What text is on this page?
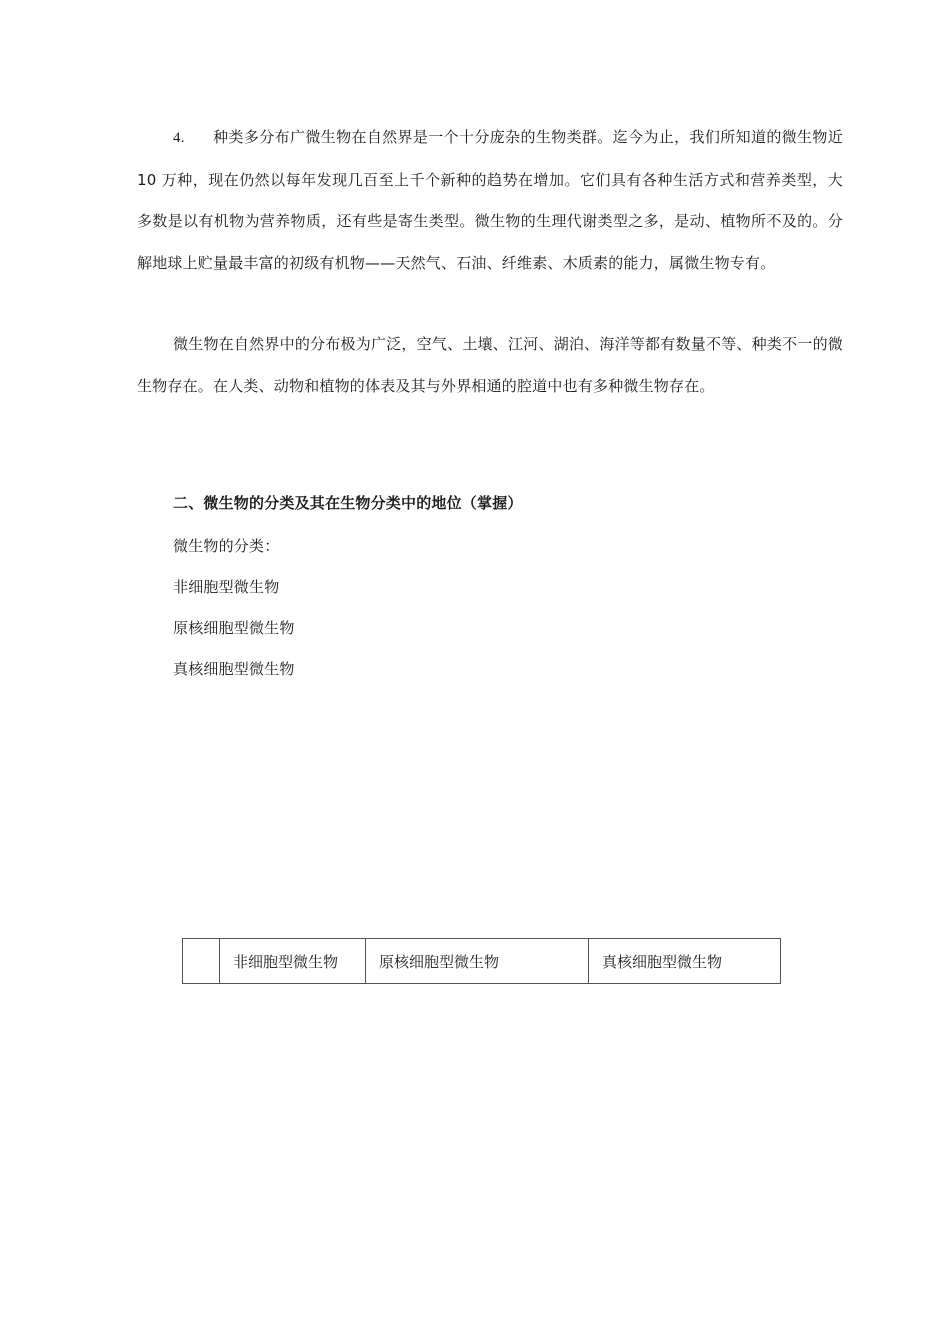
4. 种类多分布广微生物在自然界是一个十分庞杂的生物类群。迄今为止，我们所知道的微生物近 10 万种，现在仍然以每年发现几百至上千个新种的趋势在增加。它们具有各种生活方式和营养类型，大多数是以有机物为营养物质，还有些是寄生类型。微生物的生理代谢类型之多，是动、植物所不及的。分解地球上贮量最丰富的初级有机物——天然气、石油、纤维素、木质素的能力，属微生物专有。

微生物在自然界中的分布极为广泛，空气、土壤、江河、湖泊、海洋等都有数量不等、种类不一的微生物存在。在人类、动物和植物的体表及其与外界相通的腔道中也有多种微生物存在。

二、微生物的分类及其在生物分类中的地位（掌握）

微生物的分类：

非细胞型微生物

原核细胞型微生物

真核细胞型微生物

	非细胞型微生物	原核细胞型微生物	真核细胞型微生物
